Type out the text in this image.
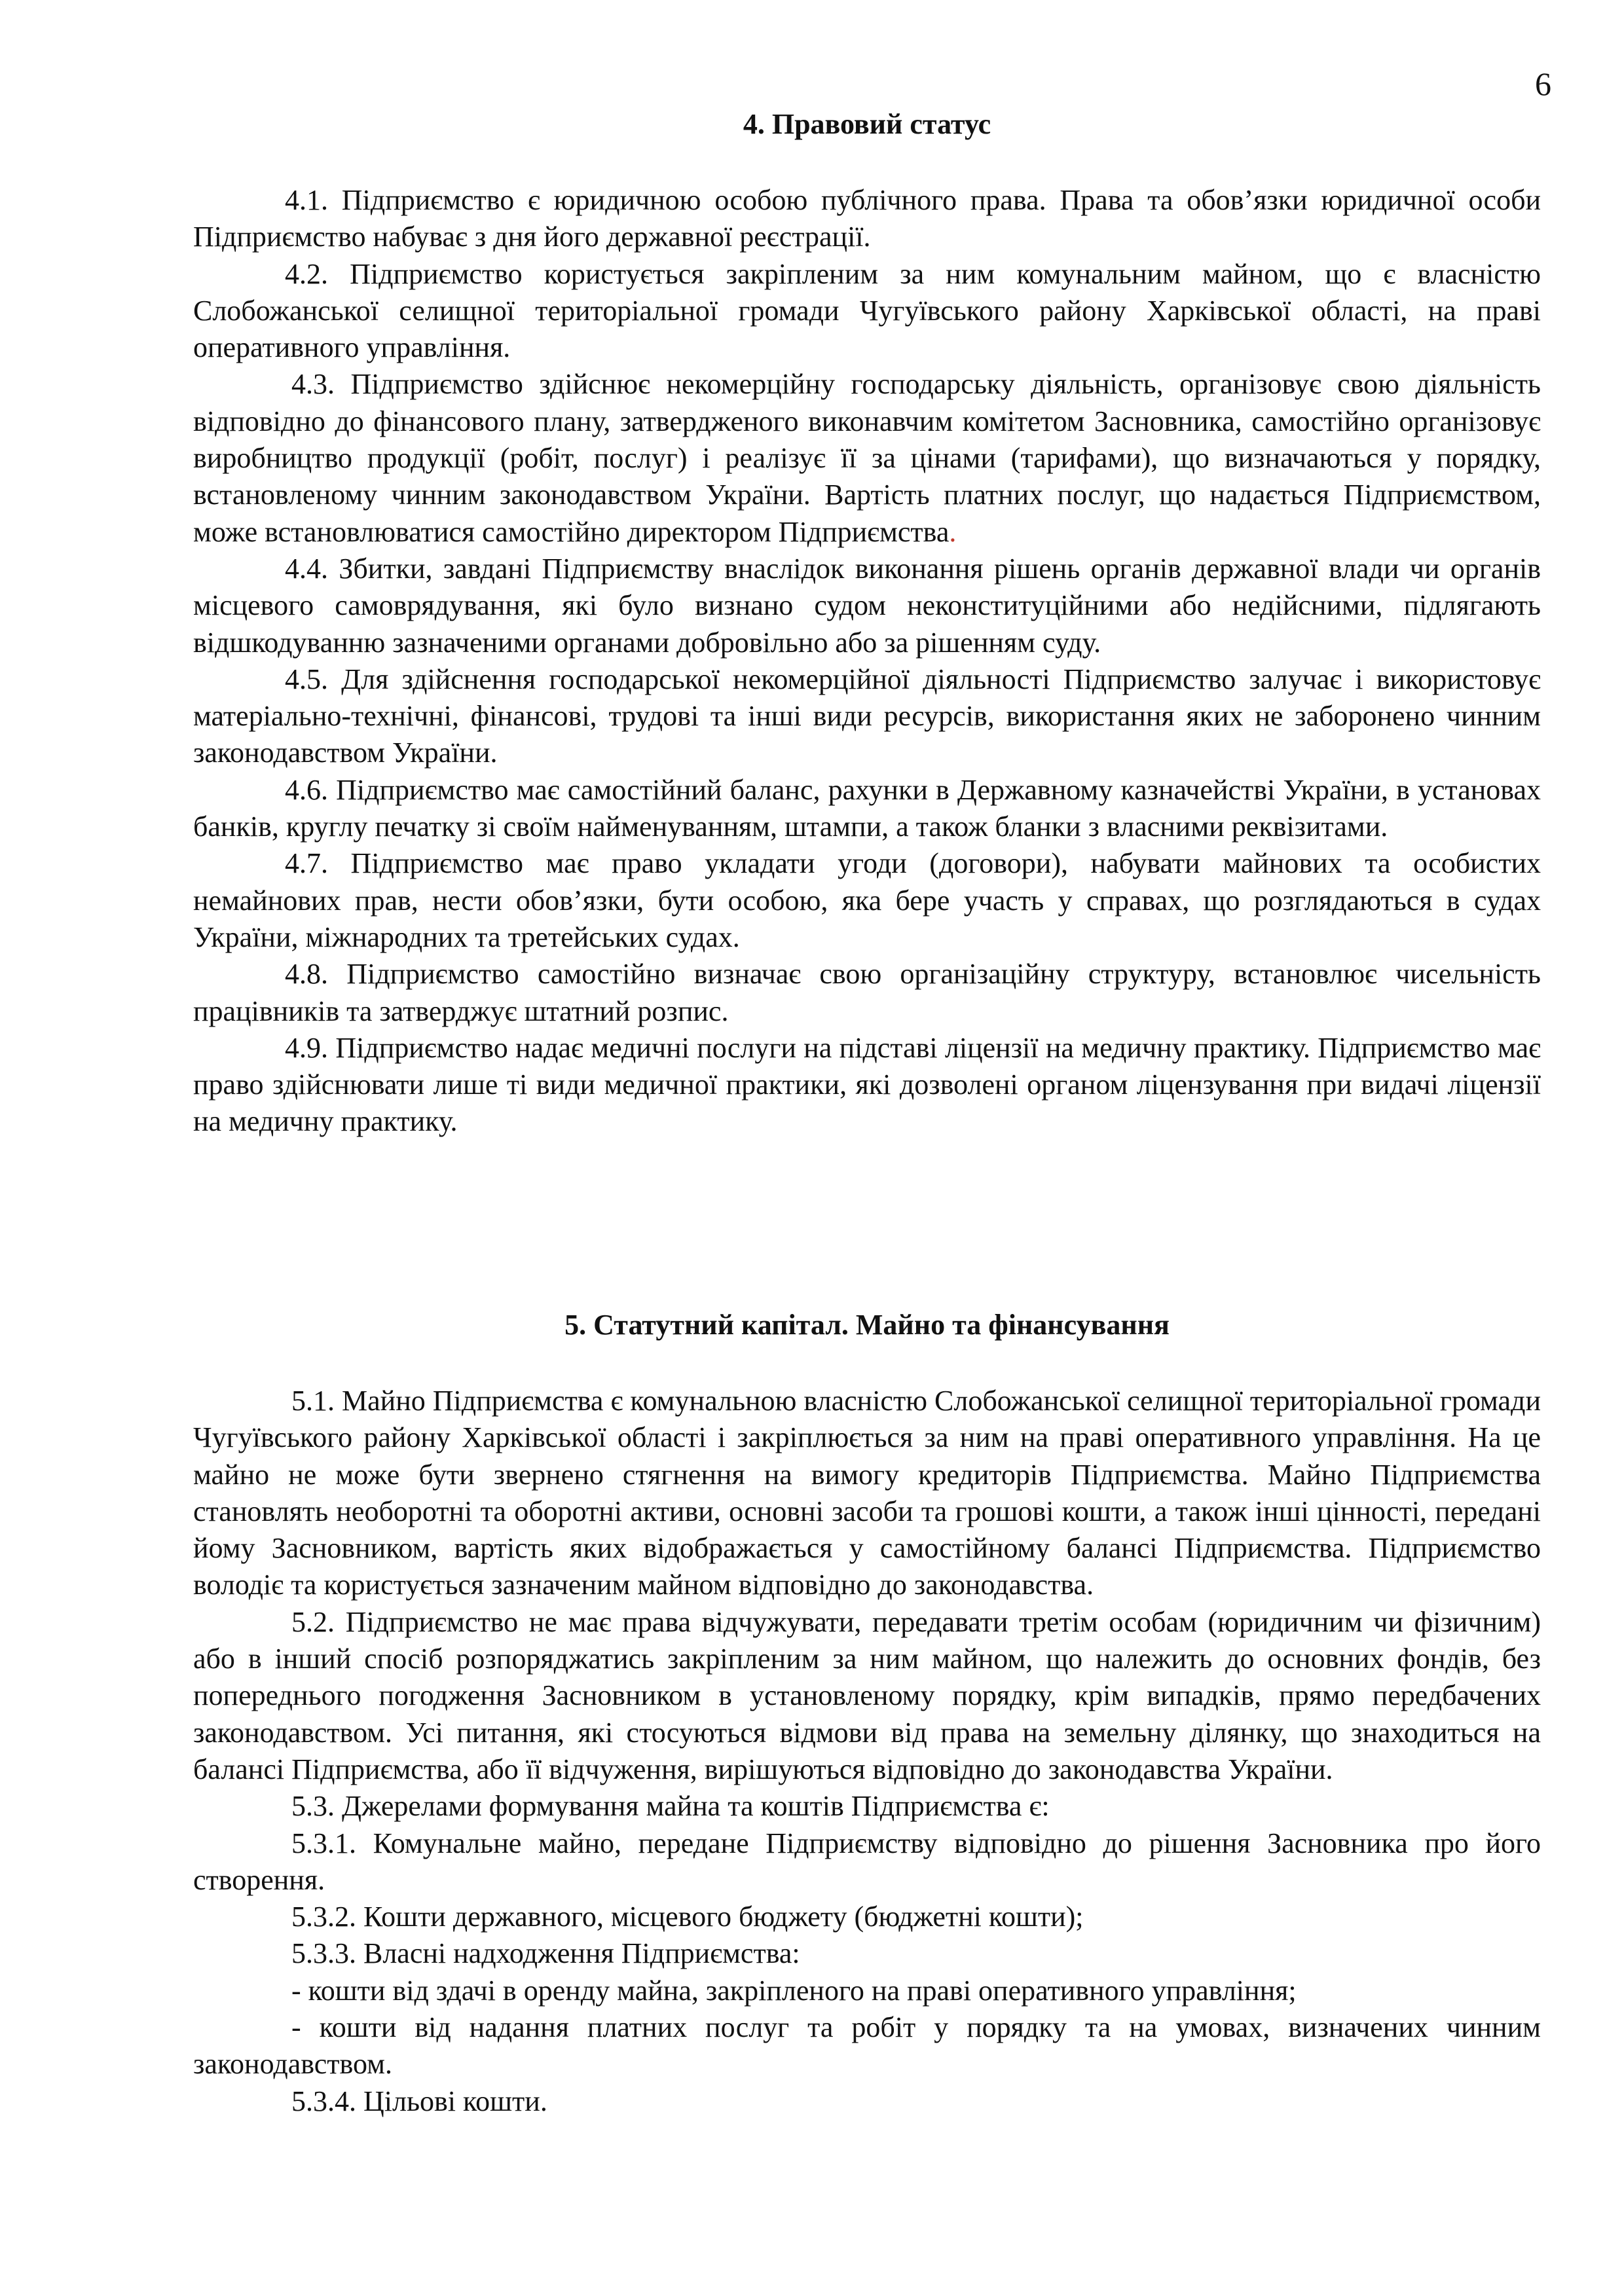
6
4. Правовий статус

4.1. Підприємство є юридичною особою публічного права. Права та обов’язки юридичної особи Підприємство набуває з дня його державної реєстрації.

4.2. Підприємство користується закріпленим за ним комунальним майном, що є власністю Слобожанської селищної територіальної громади Чугуївського району Харківської області, на праві оперативного управління.

4.3. Підприємство здійснює некомерційну господарську діяльність, організовує свою діяльність відповідно до фінансового плану, затвердженого виконавчим комітетом Засновника, самостійно організовує виробництво продукції (робіт, послуг) і реалізує її за цінами (тарифами), що визначаються у порядку, встановленому чинним законодавством України. Вартість платних послуг, що надається Підприємством, може встановлюватися самостійно директором Підприємства.

4.4. Збитки, завдані Підприємству внаслідок виконання рішень органів державної влади чи органів місцевого самоврядування, які було визнано судом неконституційними або недійсними, підлягають відшкодуванню зазначеними органами добровільно або за рішенням суду.

4.5. Для здійснення господарської некомерційної діяльності Підприємство залучає і використовує матеріально-технічні, фінансові, трудові та інші види ресурсів, використання яких не заборонено чинним законодавством України.

4.6. Підприємство має самостійний баланс, рахунки в Державному казначействі України, в установах банків, круглу печатку зі своїм найменуванням, штампи, а також бланки з власними реквізитами.

4.7. Підприємство має право укладати угоди (договори), набувати майнових та особистих немайнових прав, нести обов’язки, бути особою, яка бере участь у справах, що розглядаються в судах України, міжнародних та третейських судах.

4.8. Підприємство самостійно визначає свою організаційну структуру, встановлює чисельність працівників та затверджує штатний розпис.

4.9. Підприємство надає медичні послуги на підставі ліцензії на медичну практику. Підприємство має право здійснювати лише ті види медичної практики, які дозволені органом ліцензування при видачі ліцензії на медичну практику.

5. Статутний капітал. Майно та фінансування

5.1. Майно Підприємства є комунальною власністю Слобожанської селищної територіальної громади Чугуївського району Харківської області і закріплюється за ним на праві оперативного управління. На це майно не може бути звернено стягнення на вимогу кредиторів Підприємства. Майно Підприємства становлять необоротні та оборотні активи, основні засоби та грошові кошти, а також інші цінності, передані йому Засновником, вартість яких відображається у самостійному балансі Підприємства. Підприємство володіє та користується зазначеним майном відповідно до законодавства.

5.2. Підприємство не має права відчужувати, передавати третім особам (юридичним чи фізичним) або в інший спосіб розпоряджатись закріпленим за ним майном, що належить до основних фондів, без попереднього погодження Засновником в установленому порядку, крім випадків, прямо передбачених законодавством. Усі питання, які стосуються відмови від права на земельну ділянку, що знаходиться на балансі Підприємства, або її відчуження, вирішуються відповідно до законодавства України.

5.3. Джерелами формування майна та коштів Підприємства є:

5.3.1. Комунальне майно, передане Підприємству відповідно до рішення Засновника про його створення.

5.3.2. Кошти державного, місцевого бюджету (бюджетні кошти);

5.3.3. Власні надходження Підприємства:

- кошти від здачі в оренду майна, закріпленого на праві оперативного управління;

- кошти від надання платних послуг та робіт у порядку та на умовах, визначених чинним законодавством.

5.3.4. Цільові кошти.
